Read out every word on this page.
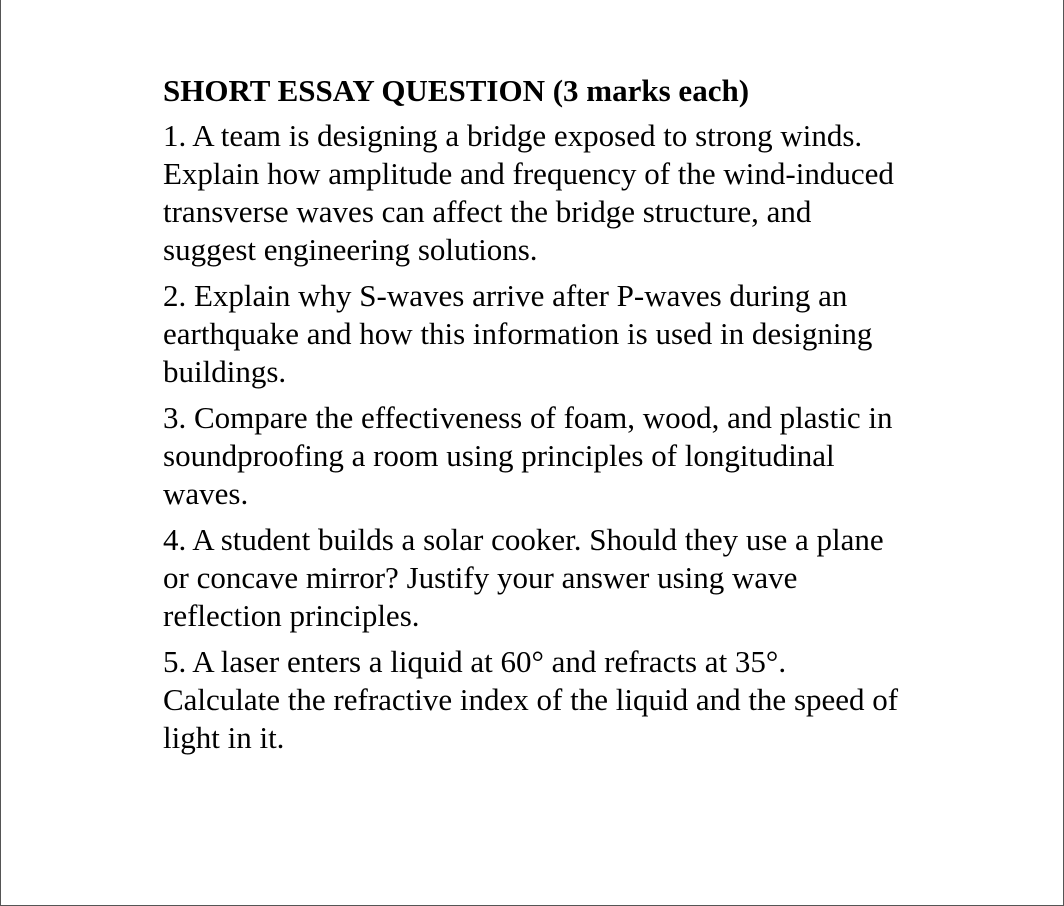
SHORT ESSAY QUESTION (3 marks each)
1. A team is designing a bridge exposed to strong winds.
Explain how amplitude and frequency of the wind-induced
transverse waves can affect the bridge structure, and
suggest engineering solutions.
2. Explain why S-waves arrive after P-waves during an
earthquake and how this information is used in designing
buildings.
3. Compare the effectiveness of foam, wood, and plastic in
soundproofing a room using principles of longitudinal
waves.
4. A student builds a solar cooker. Should they use a plane
or concave mirror? Justify your answer using wave
reflection principles.
5. A laser enters a liquid at 60° and refracts at 35°.
Calculate the refractive index of the liquid and the speed of
light in it.
